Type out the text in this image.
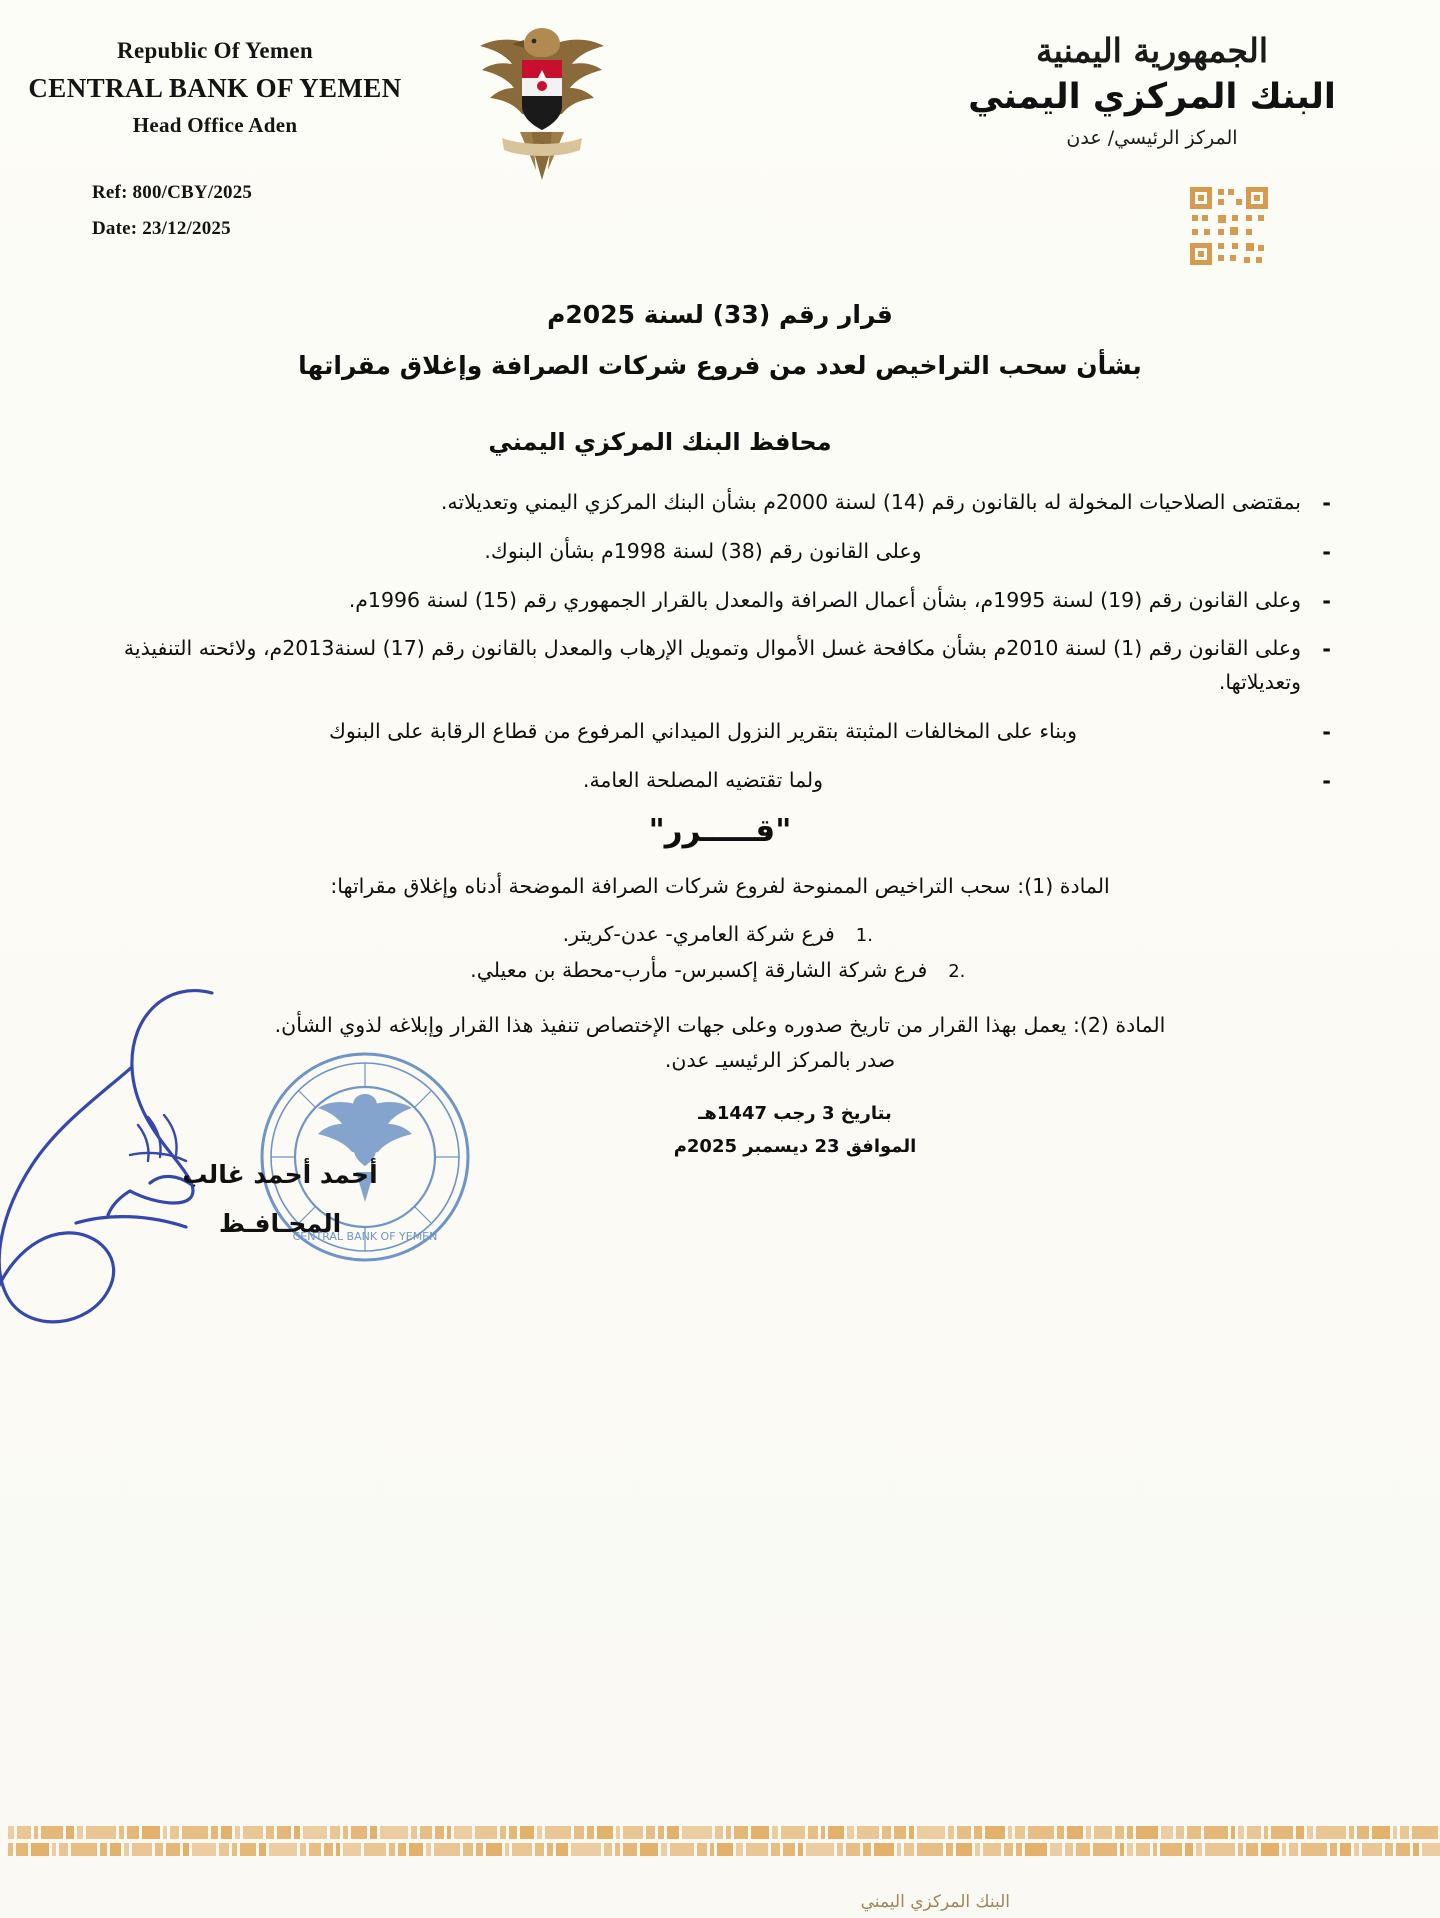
Republic Of Yemen
CENTRAL BANK OF YEMEN
Head Office Aden
Ref: 800/CBY/2025
Date: 23/12/2025
الجمهورية اليمنية
البنك المركزي اليمني
المركز الرئيسي/ عدن
قرار رقم (33) لسنة 2025م
بشأن سحب التراخيص لعدد من فروع شركات الصرافة وإغلاق مقراتها
محافظ البنك المركزي اليمني
- بمقتضى الصلاحيات المخولة له بالقانون رقم (14) لسنة 2000م بشأن البنك المركزي اليمني وتعديلاته.
- وعلى القانون رقم (38) لسنة 1998م بشأن البنوك.
- وعلى القانون رقم (19) لسنة 1995م، بشأن أعمال الصرافة والمعدل بالقرار الجمهوري رقم (15) لسنة 1996م.
- وعلى القانون رقم (1) لسنة 2010م بشأن مكافحة غسل الأموال وتمويل الإرهاب والمعدل بالقانون رقم (17) لسنة2013م، ولائحته التنفيذية وتعديلاتها.
- وبناء على المخالفات المثبتة بتقرير النزول الميداني المرفوع من قطاع الرقابة على البنوك
- ولما تقتضيه المصلحة العامة.
"قـــــرر"
المادة (1): سحب التراخيص الممنوحة لفروع شركات الصرافة الموضحة أدناه وإغلاق مقراتها:
.1 فرع شركة العامري- عدن-كريتر.
.2 فرع شركة الشارقة إكسبرس- مأرب-محطة بن معيلي.
المادة (2): يعمل بهذا القرار من تاريخ صدوره وعلى جهات الإختصاص تنفيذ هذا القرار وإبلاغه لذوي الشأن.
صدر بالمركز الرئيسيـ عدن.
بتاريخ 3 رجب 1447هـ
الموافق 23 ديسمبر 2025م
CENTRAL BANK OF YEMEN
أحمد أحمد غالب
المحـافـظ
البنك المركزي اليمني
